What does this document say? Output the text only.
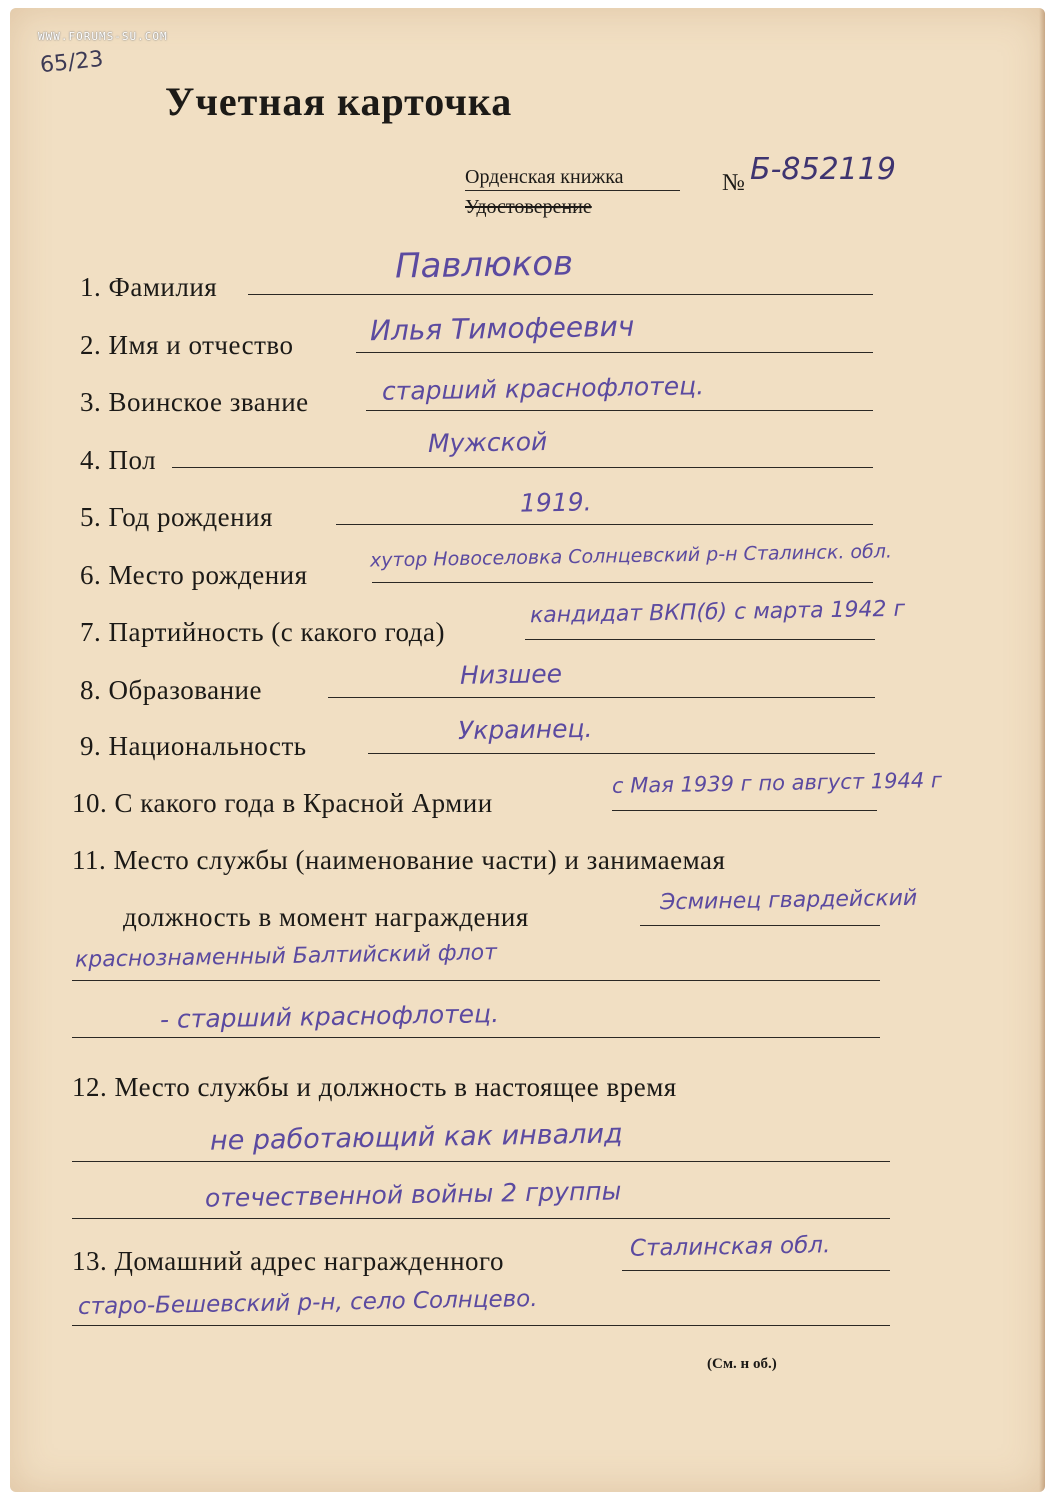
WWW.FORUMS-SU.COM
65/23
Учетная карточка
Орденская книжка
Удостоверение
№ Б-852119
1. Фамилия
Павлюков
2. Имя и отчество	Илья Тимофеевич
3. Воинское звание	старший краснофлотец.
4. Пол
Мужской
5. Год рождения	1919.
6. Место рождения
хутор Новоселовка Солнцевский р-н Сталинск. обл.
7. Партийность (с какого года)
кандидат ВКП(б) с марта 1942 г
8. Образование
Низшее
9. Национальность
Украинец.
10. С какого года в Красной Армии
с Мая 1939 г по август 1944 г
11. Место службы (наименование части) и занимаемая
должность в момент награждения
Эсминец гвардейский
краснознаменный Балтийский флот
- старший краснофлотец.
12. Место службы и должность в настоящее время
не работающий как инвалид
отечественной войны 2 группы
13. Домашний адрес награжденного	Сталинская обл.
старо-Бешевский р-н, село Солнцево.
(См. н об.)
